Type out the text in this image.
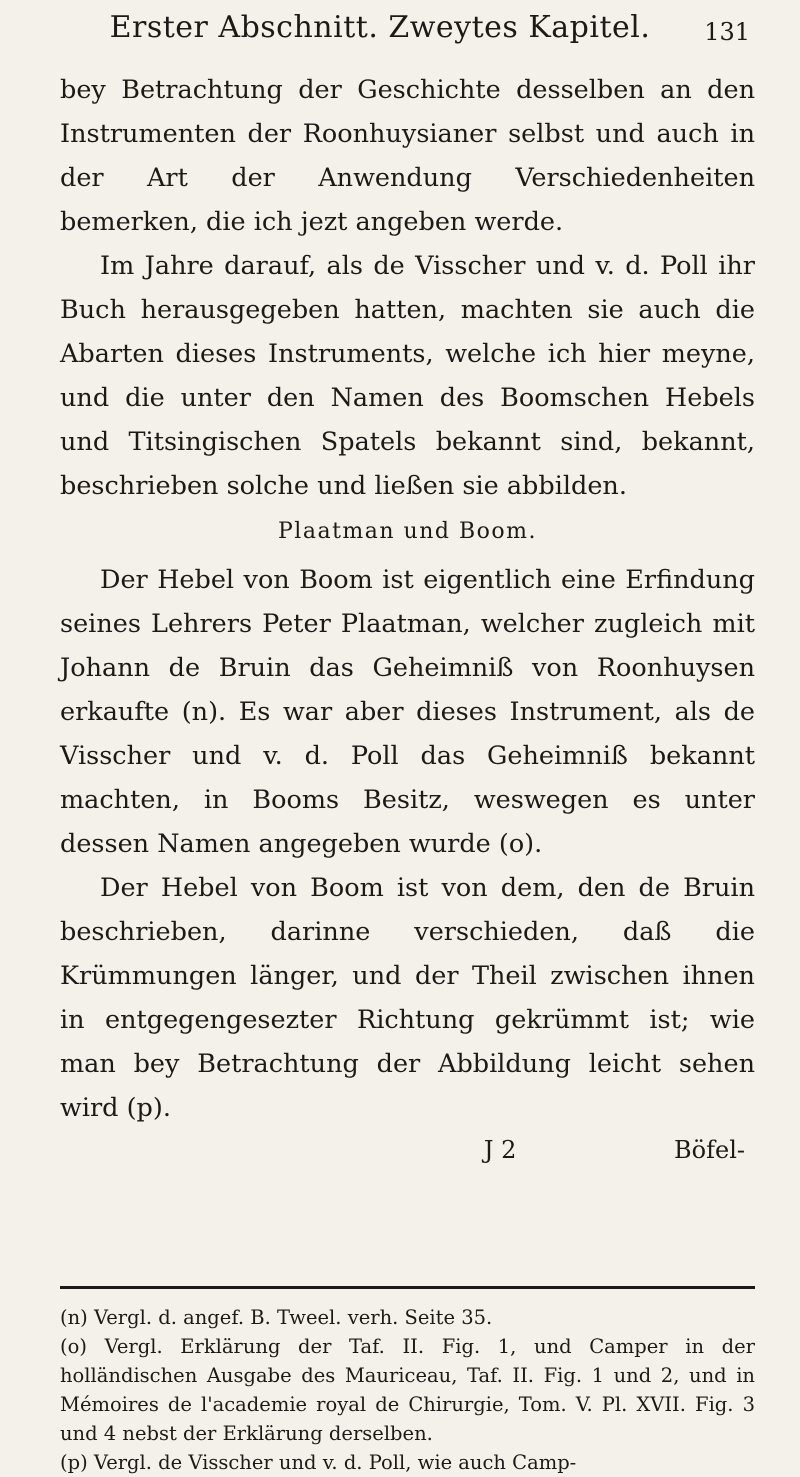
Erster Abschnitt. Zweytes Kapitel.	131

bey Betrachtung der Geschichte desselben an den Instrumenten der Roonhuysianer selbst und auch in der Art der Anwendung Verschiedenheiten bemerken, die ich jezt angeben werde.

Im Jahre darauf, als de Visscher und v. d. Poll ihr Buch herausgegeben hatten, machten sie auch die Abarten dieses Instruments, welche ich hier meyne, und die unter den Namen des Boomschen Hebels und Titsingischen Spatels bekannt sind, bekannt, beschrieben solche und ließen sie abbilden.

Plaatman und Boom.

Der Hebel von Boom ist eigentlich eine Erfindung seines Lehrers Peter Plaatman, welcher zugleich mit Johann de Bruin das Geheimniß von Roonhuysen erkaufte (n). Es war aber dieses Instrument, als de Visscher und v. d. Poll das Geheimniß bekannt machten, in Booms Besitz, weswegen es unter dessen Namen angegeben wurde (o).

Der Hebel von Boom ist von dem, den de Bruin beschrieben, darinne verschieden, daß die Krümmungen länger, und der Theil zwischen ihnen in entgegengesezter Richtung gekrümmt ist; wie man bey Betrachtung der Abbildung leicht sehen wird (p).

J 2	Böfel-

(n) Vergl. d. angef. B. Tweel. verh. Seite 35.

(o) Vergl. Erklärung der Taf. II. Fig. 1, und Camper in der holländischen Ausgabe des Mauriceau, Taf. II. Fig. 1 und 2, und in Mémoires de l'academie royal de Chirurgie, Tom. V. Pl. XVII. Fig. 3 und 4 nebst der Erklärung derselben.

(p) Vergl. de Visscher und v. d. Poll, wie auch Camp-
